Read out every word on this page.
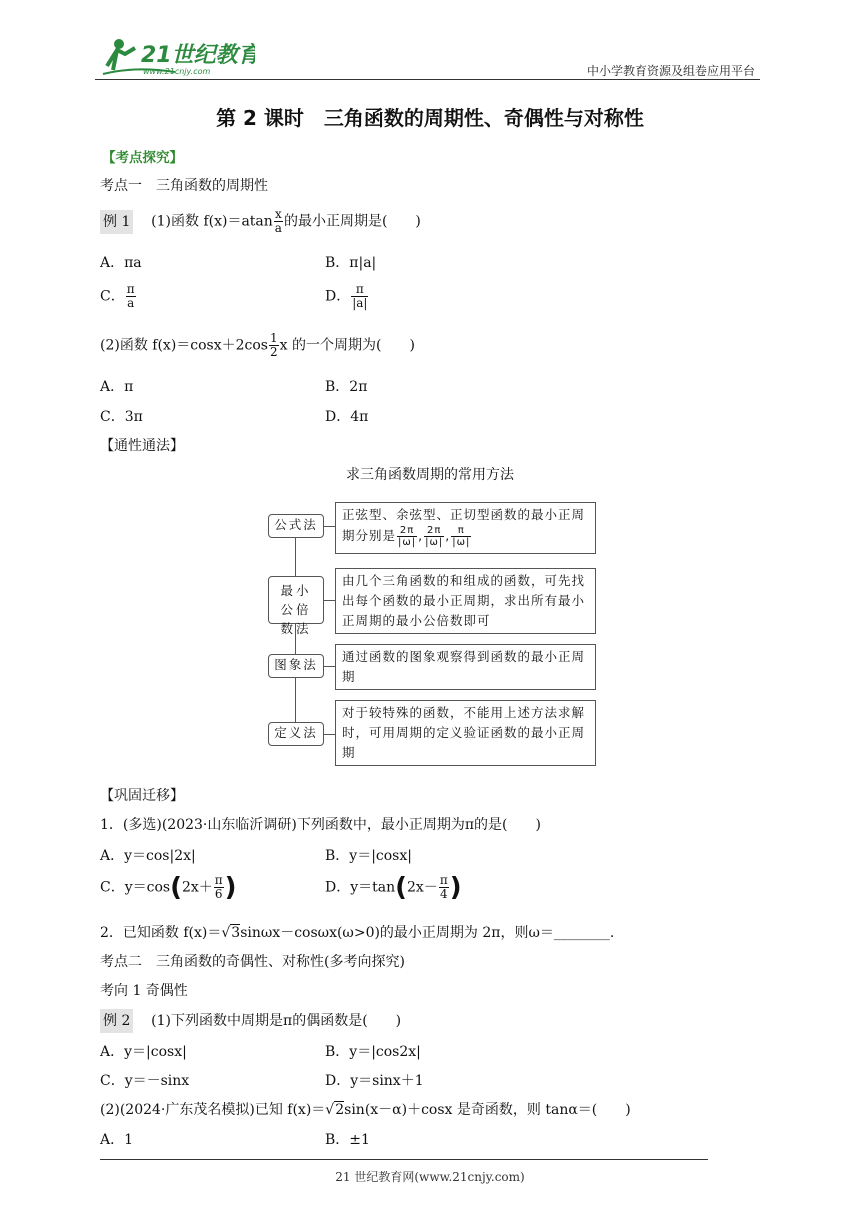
21世纪教育
www.21cnjy.com	中小学教育资源及组卷应用平台
第 2 课时　三角函数的周期性、奇偶性与对称性
【考点探究】
考点一　三角函数的周期性
例 1 (1)函数 $f(x)=atan \frac{x}{a}$ 的最小正周期是(　　)
A．πa	B．π|a|
C． $\frac{\pi}{a}$	D． $\frac{\pi}{|a|}$
(2)函数 $f(x)=\cos x+2\cos \frac{1}{2}$ x 的一个周期为(　　)
A．π	B．2π
C．3π	D．4π
【通性通法】
求三角函数周期的常用方法
公式法
最小公倍数法
图象法
定义法
正弦型、余弦型、正切型函数的最小正周期分别是 $\frac{2\pi}{|\omega|}$ , $\frac{2\pi}{|\omega|}$ , $\frac{\pi}{|\omega|}$
由几个三角函数的和组成的函数，可先找出每个函数的最小正周期，求出所有最小正周期的最小公倍数即可
通过函数的图象观察得到函数的最小正周期
对于较特殊的函数，不能用上述方法求解时，可用周期的定义验证函数的最小正周期
【巩固迁移】
1．(多选)(2023·山东临沂调研)下列函数中，最小正周期为π的是(　　)
A．y＝cos|2x|	B．y＝|cosx|
C．$y=\cos(2x+ \frac{\pi}{6}$ )	D．$y=\tan(2x- \frac{\pi}{4}$ )
2．已知函数 f(x)＝√3sinωx－cosωx(ω>0)的最小正周期为 2π，则ω＝________.
考点二　三角函数的奇偶性、对称性(多考向探究)
考向 1 奇偶性
例 2 (1)下列函数中周期是π的偶函数是(　　)
A．y＝|cosx|	B．y＝|cos2x|
C．y＝－sinx	D．y＝sinx＋1
(2)(2024·广东茂名模拟)已知 f(x)＝√2sin(x－α)＋cosx 是奇函数，则 tanα＝(　　)
A．1	B．±1
21 世纪教育网(www.21cnjy.com)
